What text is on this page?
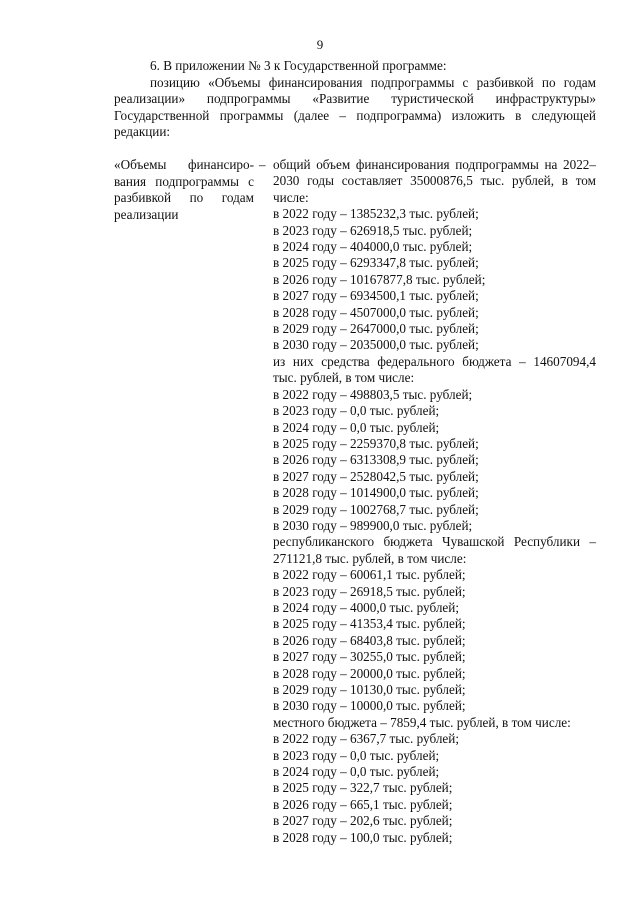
9

6. В приложении № 3 к Государственной программе:

позицию «Объемы финансирования подпрограммы с разбивкой по годам реализации» подпрограммы «Развитие туристической инфраструктуры» Государственной программы (далее – подпрограмма) изложить в следующей редакции:

«Объемы финансиро-вания подпрограммы с разбивкой по годам реализации
– общий объем финансирования подпрограммы на 2022–2030 годы составляет 35000876,5 тыс. рублей, в том числе:
в 2022 году – 1385232,3 тыс. рублей;
в 2023 году – 626918,5 тыс. рублей;
в 2024 году – 404000,0 тыс. рублей;
в 2025 году – 6293347,8 тыс. рублей;
в 2026 году – 10167877,8 тыс. рублей;
в 2027 году – 6934500,1 тыс. рублей;
в 2028 году – 4507000,0 тыс. рублей;
в 2029 году – 2647000,0 тыс. рублей;
в 2030 году – 2035000,0 тыс. рублей;
из них средства федерального бюджета – 14607094,4 тыс. рублей, в том числе:
в 2022 году – 498803,5 тыс. рублей;
в 2023 году – 0,0 тыс. рублей;
в 2024 году – 0,0 тыс. рублей;
в 2025 году – 2259370,8 тыс. рублей;
в 2026 году – 6313308,9 тыс. рублей;
в 2027 году – 2528042,5 тыс. рублей;
в 2028 году – 1014900,0 тыс. рублей;
в 2029 году – 1002768,7 тыс. рублей;
в 2030 году – 989900,0 тыс. рублей;
республиканского бюджета Чувашской Республики – 271121,8 тыс. рублей, в том числе:
в 2022 году – 60061,1 тыс. рублей;
в 2023 году – 26918,5 тыс. рублей;
в 2024 году – 4000,0 тыс. рублей;
в 2025 году – 41353,4 тыс. рублей;
в 2026 году – 68403,8 тыс. рублей;
в 2027 году – 30255,0 тыс. рублей;
в 2028 году – 20000,0 тыс. рублей;
в 2029 году – 10130,0 тыс. рублей;
в 2030 году – 10000,0 тыс. рублей;
местного бюджета – 7859,4 тыс. рублей, в том числе:
в 2022 году – 6367,7 тыс. рублей;
в 2023 году – 0,0 тыс. рублей;
в 2024 году – 0,0 тыс. рублей;
в 2025 году – 322,7 тыс. рублей;
в 2026 году – 665,1 тыс. рублей;
в 2027 году – 202,6 тыс. рублей;
в 2028 году – 100,0 тыс. рублей;
